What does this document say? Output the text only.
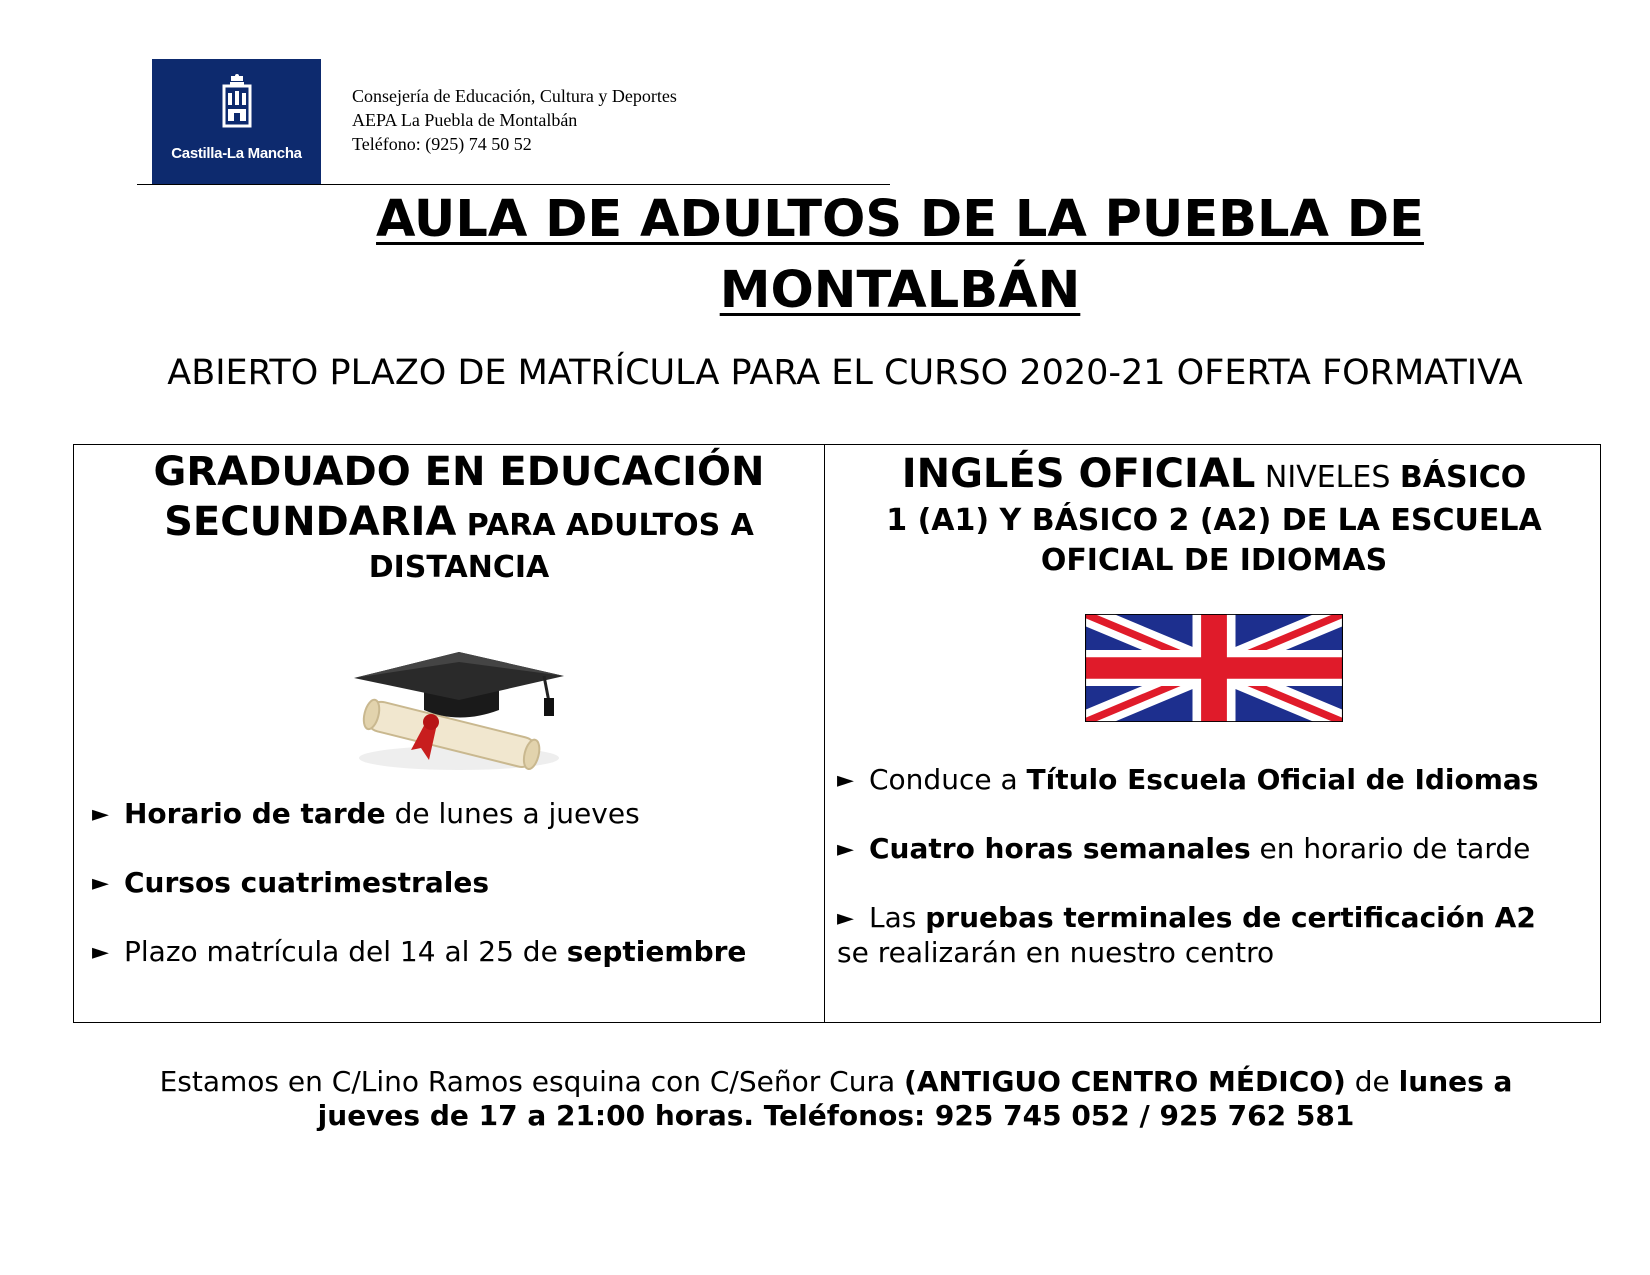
Castilla-La Mancha
Consejería de Educación, Cultura y Deportes
AEPA La Puebla de Montalbán
Teléfono: (925) 74 50 52
AULA DE ADULTOS DE LA PUEBLA DE
MONTALBÁN
ABIERTO PLAZO DE MATRÍCULA PARA EL CURSO 2020-21 OFERTA FORMATIVA
GRADUADO EN EDUCACIÓN
SECUNDARIA PARA ADULTOS A
DISTANCIA

► Horario de tarde de lunes a jueves

► Cursos cuatrimestrales

► Plazo matrícula del 14 al 25 de septiembre

INGLÉS OFICIAL NIVELES BÁSICO
1 (A1) Y BÁSICO 2 (A2) DE LA ESCUELA
OFICIAL DE IDIOMAS

► Conduce a Título Escuela Oficial de Idiomas

► Cuatro horas semanales en horario de tarde

► Las pruebas terminales de certificación A2

se realizarán en nuestro centro

Estamos en C/Lino Ramos esquina con C/Señor Cura (ANTIGUO CENTRO MÉDICO) de lunes a
jueves de 17 a 21:00 horas. Teléfonos: 925 745 052 / 925 762 581
